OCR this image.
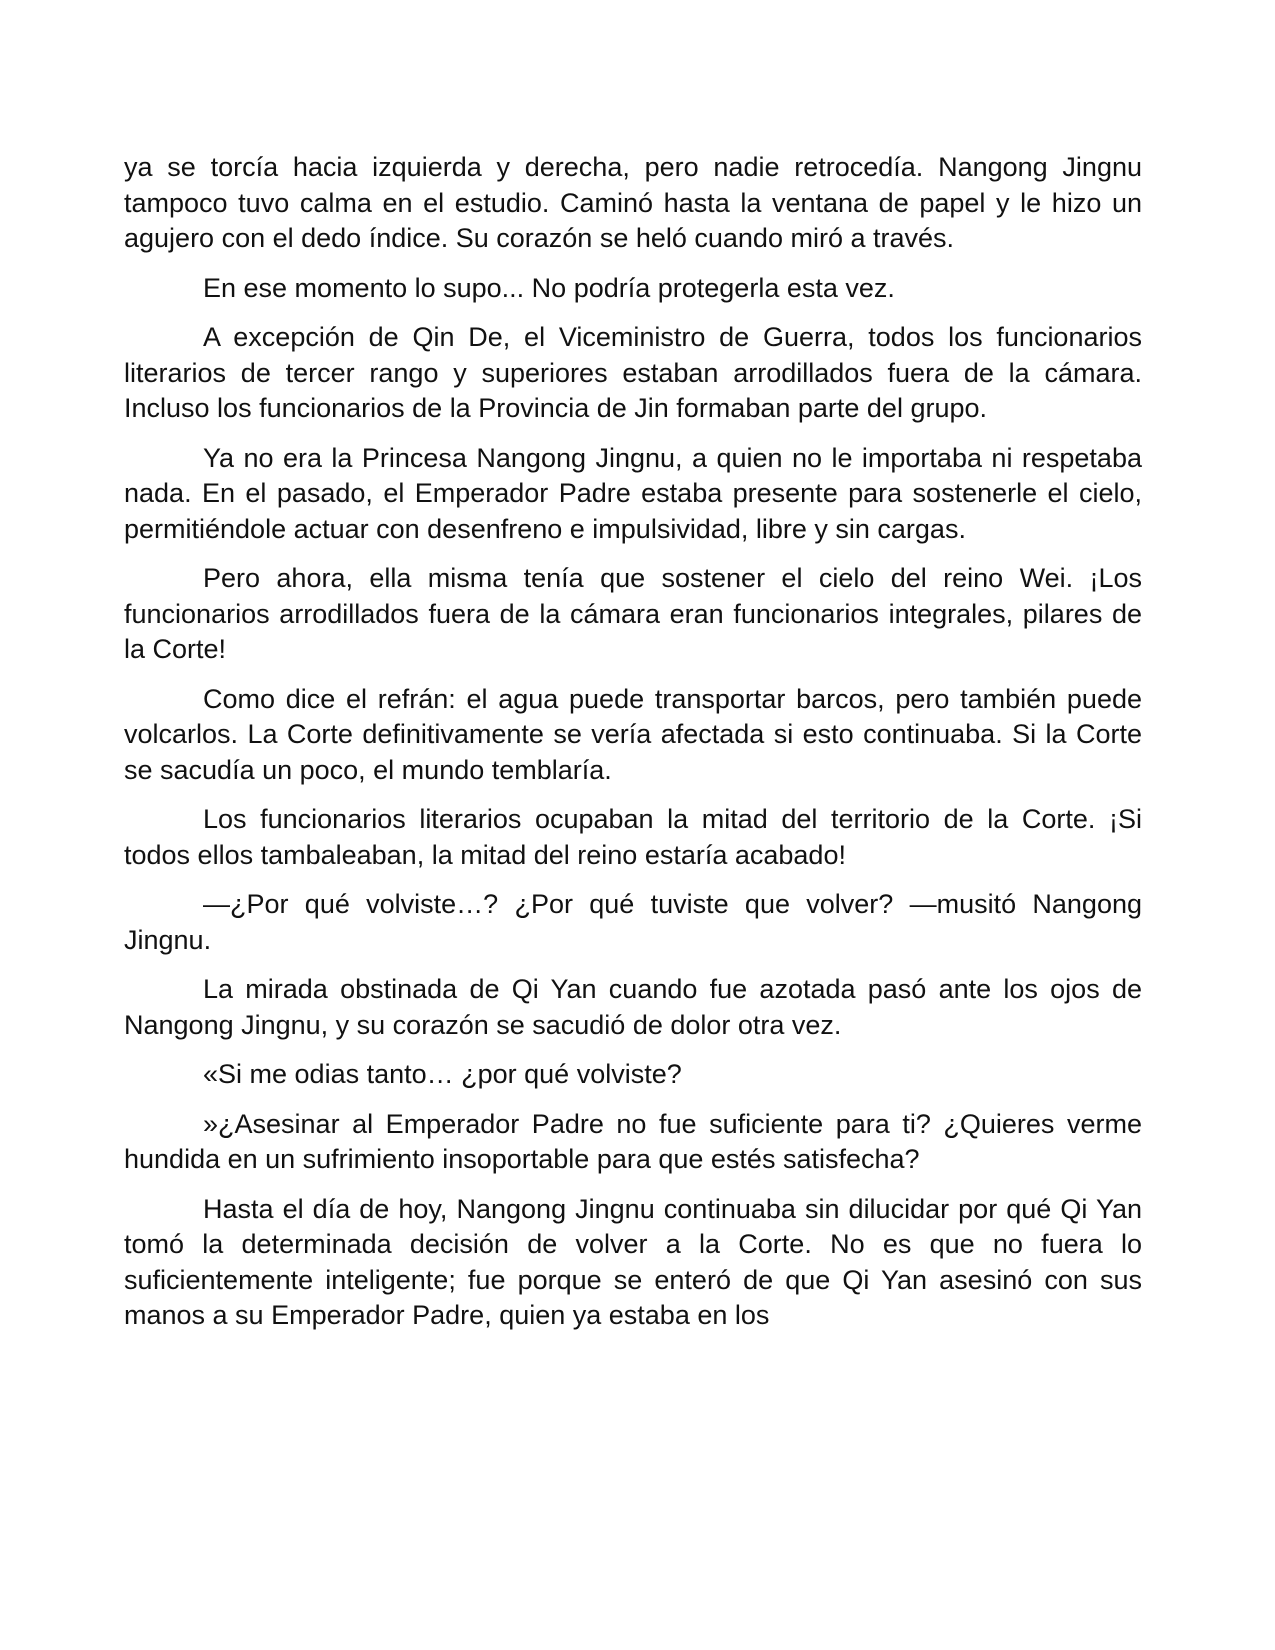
ya se torcía hacia izquierda y derecha, pero nadie retrocedía. Nangong Jingnu tampoco tuvo calma en el estudio. Caminó hasta la ventana de papel y le hizo un agujero con el dedo índice. Su corazón se heló cuando miró a través.

En ese momento lo supo... No podría protegerla esta vez.

A excepción de Qin De, el Viceministro de Guerra, todos los funcionarios literarios de tercer rango y superiores estaban arrodillados fuera de la cámara. Incluso los funcionarios de la Provincia de Jin formaban parte del grupo.

Ya no era la Princesa Nangong Jingnu, a quien no le importaba ni respetaba nada. En el pasado, el Emperador Padre estaba presente para sostenerle el cielo, permitiéndole actuar con desenfreno e impulsividad, libre y sin cargas.

Pero ahora, ella misma tenía que sostener el cielo del reino Wei. ¡Los funcionarios arrodillados fuera de la cámara eran funcionarios integrales, pilares de la Corte!

Como dice el refrán: el agua puede transportar barcos, pero también puede volcarlos. La Corte definitivamente se vería afectada si esto continuaba. Si la Corte se sacudía un poco, el mundo temblaría.

Los funcionarios literarios ocupaban la mitad del territorio de la Corte. ¡Si todos ellos tambaleaban, la mitad del reino estaría acabado!

—¿Por qué volviste…? ¿Por qué tuviste que volver? —musitó Nangong Jingnu.

La mirada obstinada de Qi Yan cuando fue azotada pasó ante los ojos de Nangong Jingnu, y su corazón se sacudió de dolor otra vez.

«Si me odias tanto… ¿por qué volviste?

»¿Asesinar al Emperador Padre no fue suficiente para ti? ¿Quieres verme hundida en un sufrimiento insoportable para que estés satisfecha?

Hasta el día de hoy, Nangong Jingnu continuaba sin dilucidar por qué Qi Yan tomó la determinada decisión de volver a la Corte. No es que no fuera lo suficientemente inteligente; fue porque se enteró de que Qi Yan asesinó con sus manos a su Emperador Padre, quien ya estaba en los
